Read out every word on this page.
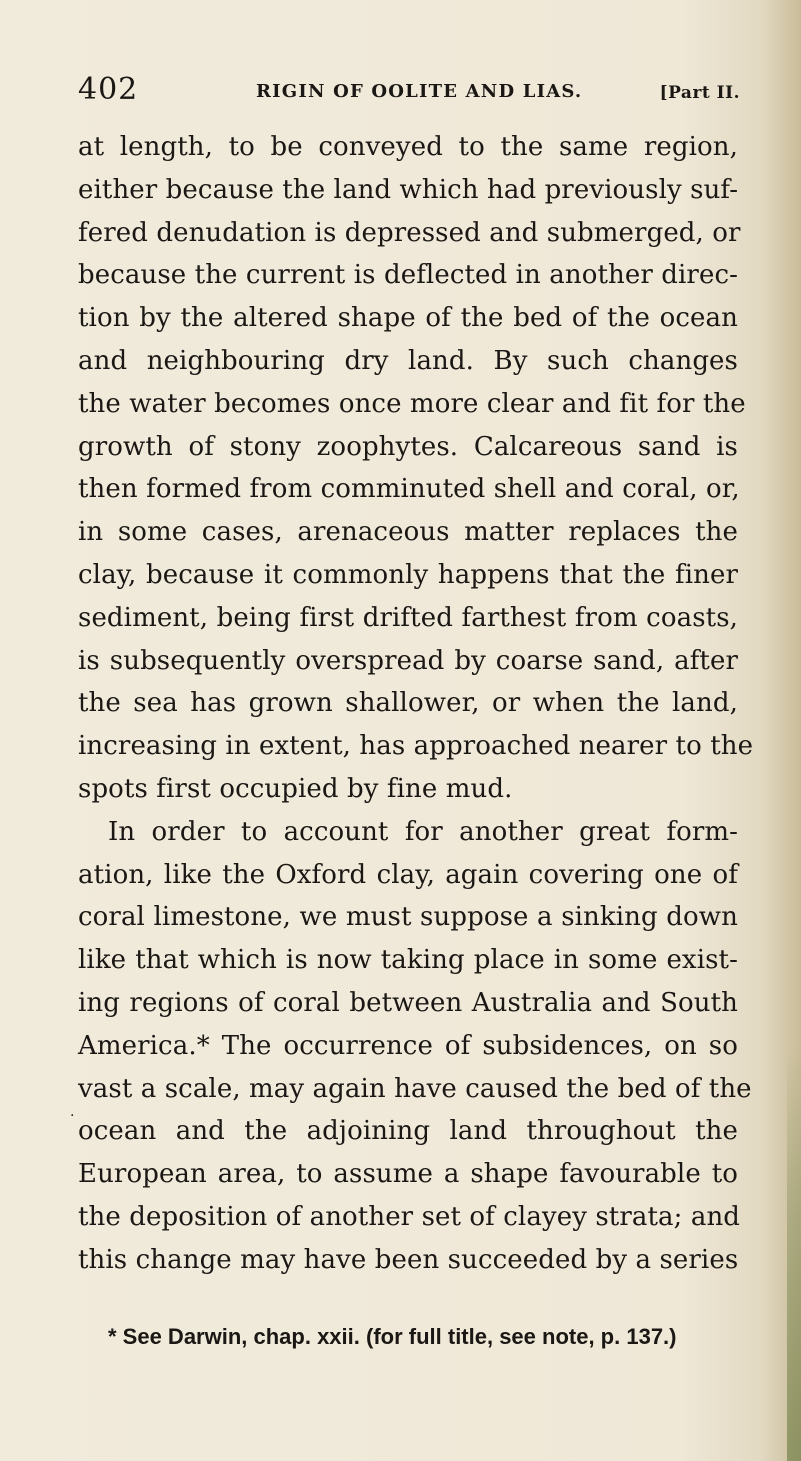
402	RIGIN OF OOLITE AND LIAS.	[Part II.
.
at length, to be conveyed to the same region,
either because the land which had previously suf-
fered denudation is depressed and submerged, or
because the current is deflected in another direc-
tion by the altered shape of the bed of the ocean
and neighbouring dry land. By such changes
the water becomes once more clear and fit for the
growth of stony zoophytes. Calcareous sand is
then formed from comminuted shell and coral, or,
in some cases, arenaceous matter replaces the
clay, because it commonly happens that the finer
sediment, being first drifted farthest from coasts,
is subsequently overspread by coarse sand, after
the sea has grown shallower, or when the land,
increasing in extent, has approached nearer to the
spots first occupied by fine mud.
In order to account for another great form-
ation, like the Oxford clay, again covering one of
coral limestone, we must suppose a sinking down
like that which is now taking place in some exist-
ing regions of coral between Australia and South
America.* The occurrence of subsidences, on so
vast a scale, may again have caused the bed of the
ocean and the adjoining land throughout the
European area, to assume a shape favourable to
the deposition of another set of clayey strata; and
this change may have been succeeded by a series
* See Darwin, chap. xxii. (for full title, see note, p. 137.)
